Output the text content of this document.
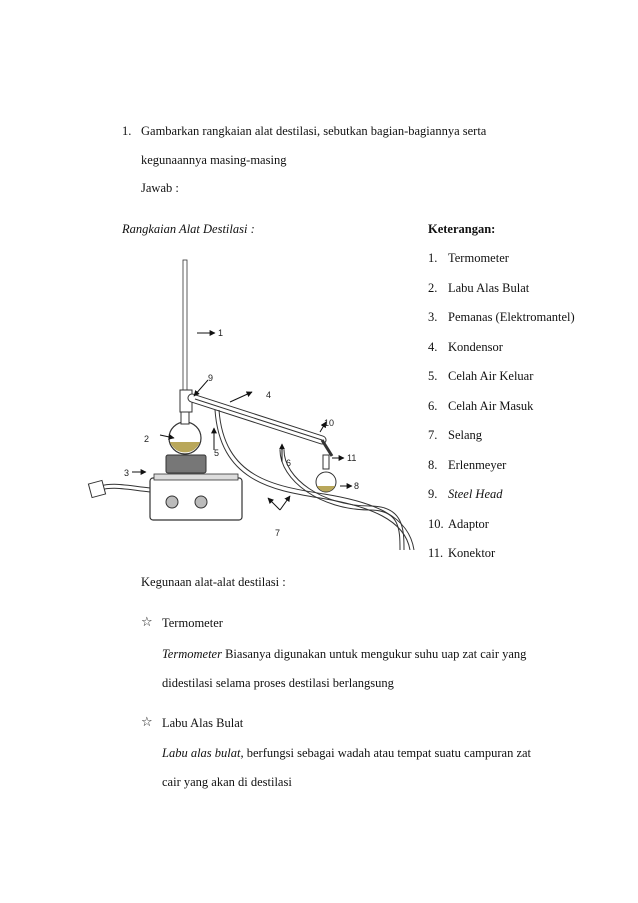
1. Gambarkan rangkaian alat destilasi, sebutkan bagian-bagiannya serta
kegunaannya masing-masing
Jawab :
Rangkaian Alat Destilasi :
1
2
3
4
5
6
7
8
9
10
11
Keterangan:
1. Termometer
2. Labu Alas Bulat
3. Pemanas (Elektromantel)
4. Kondensor
5. Celah Air Keluar
6. Celah Air Masuk
7. Selang
8. Erlenmeyer
9. Steel Head
10. Adaptor
11. Konektor
Kegunaan alat-alat destilasi :
☆ Termometer
Termometer Biasanya digunakan untuk mengukur suhu uap zat cair yang
didestilasi selama proses destilasi berlangsung
☆ Labu Alas Bulat
Labu alas bulat, berfungsi sebagai wadah atau tempat suatu campuran zat
cair yang akan di destilasi
